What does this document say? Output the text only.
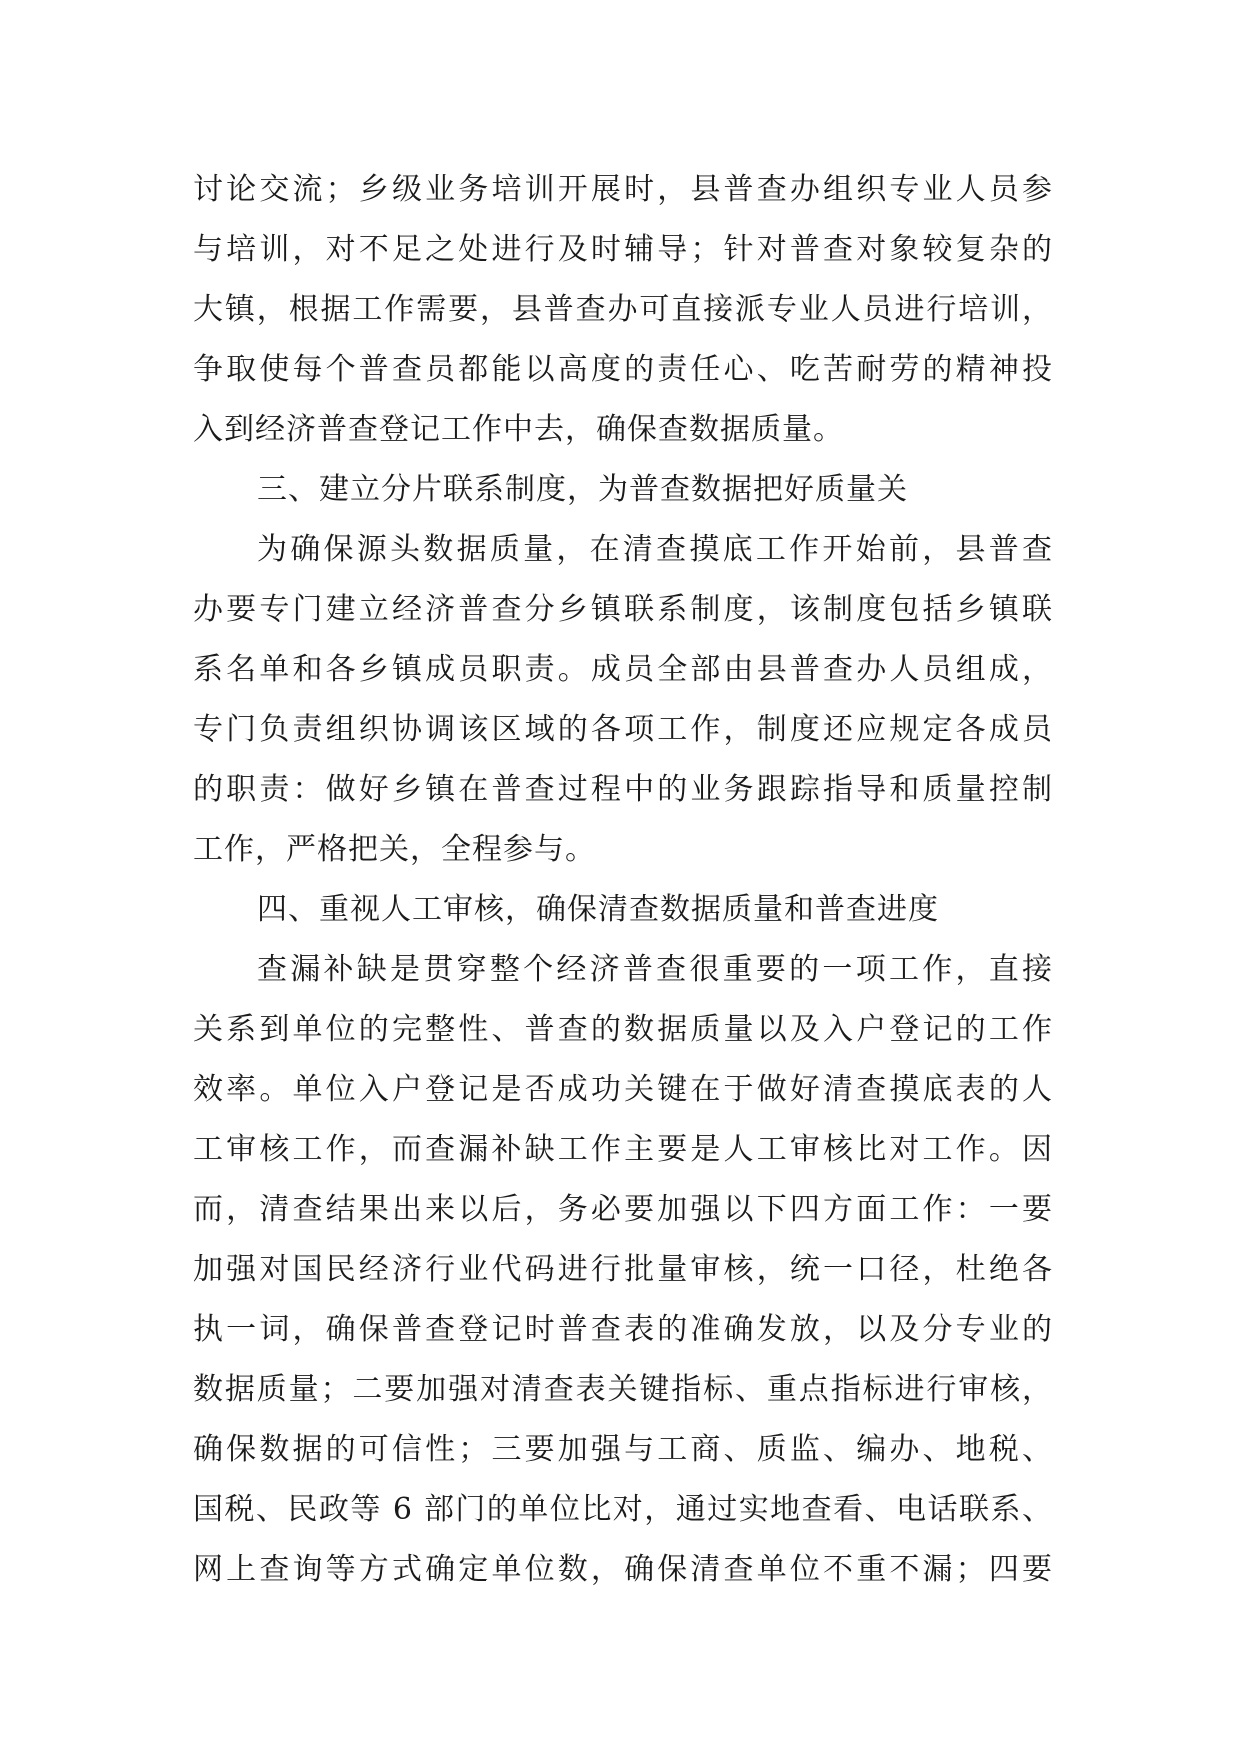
讨论交流；乡级业务培训开展时，县普查办组织专业人员参
与培训，对不足之处进行及时辅导；针对普查对象较复杂的
大镇，根据工作需要，县普查办可直接派专业人员进行培训，
争取使每个普查员都能以高度的责任心、吃苦耐劳的精神投
入到经济普查登记工作中去，确保查数据质量。
三、建立分片联系制度，为普查数据把好质量关
为确保源头数据质量，在清查摸底工作开始前，县普查
办要专门建立经济普查分乡镇联系制度，该制度包括乡镇联
系名单和各乡镇成员职责。成员全部由县普查办人员组成，
专门负责组织协调该区域的各项工作，制度还应规定各成员
的职责：做好乡镇在普查过程中的业务跟踪指导和质量控制
工作，严格把关，全程参与。
四、重视人工审核，确保清查数据质量和普查进度
查漏补缺是贯穿整个经济普查很重要的一项工作，直接
关系到单位的完整性、普查的数据质量以及入户登记的工作
效率。单位入户登记是否成功关键在于做好清查摸底表的人
工审核工作，而查漏补缺工作主要是人工审核比对工作。因
而，清查结果出来以后，务必要加强以下四方面工作：一要
加强对国民经济行业代码进行批量审核，统一口径，杜绝各
执一词，确保普查登记时普查表的准确发放，以及分专业的
数据质量；二要加强对清查表关键指标、重点指标进行审核，
确保数据的可信性；三要加强与工商、质监、编办、地税、
国税、民政等 6 部门的单位比对，通过实地查看、电话联系、
网上查询等方式确定单位数，确保清查单位不重不漏；四要
